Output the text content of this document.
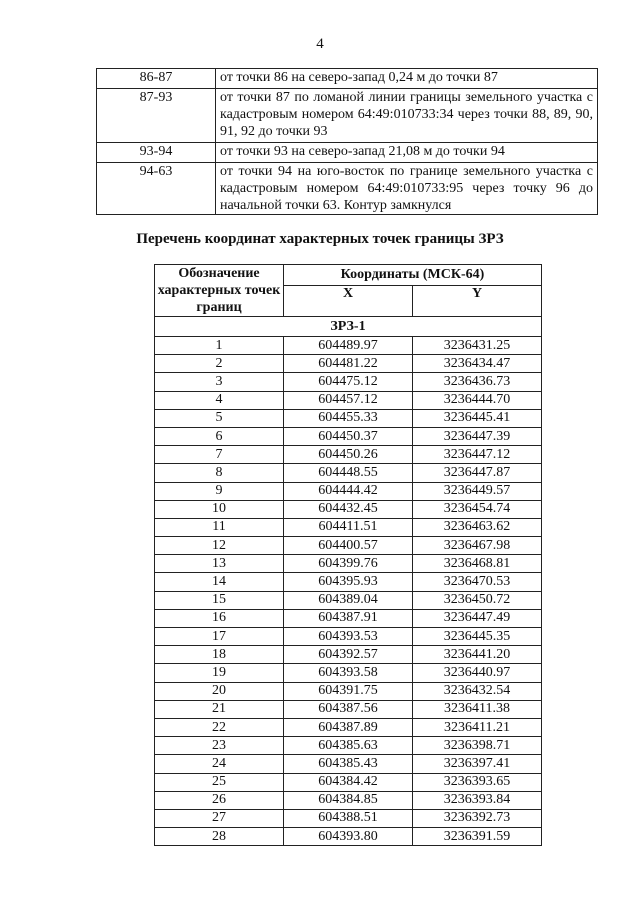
4
86-87	от точки 86 на северо-запад 0,24 м до точки 87
87-93	от точки 87 по ломаной линии границы земельного участка с кадастровым номером 64:49:010733:34 через точки 88, 89, 90, 91, 92 до точки 93
93-94	от точки 93 на северо-запад 21,08 м до точки 94
94-63	от точки 94 на юго-восток по границе земельного участка с кадастровым номером 64:49:010733:95 через точку 96 до начальной точки 63. Контур замкнулся
Перечень координат характерных точек границы ЗРЗ
Обозначение характерных точек границ	Координаты (МСК-64)	
	X	Y
ЗРЗ-1		
1	604489.97	3236431.25
2	604481.22	3236434.47
3	604475.12	3236436.73
4	604457.12	3236444.70
5	604455.33	3236445.41
6	604450.37	3236447.39
7	604450.26	3236447.12
8	604448.55	3236447.87
9	604444.42	3236449.57
10	604432.45	3236454.74
11	604411.51	3236463.62
12	604400.57	3236467.98
13	604399.76	3236468.81
14	604395.93	3236470.53
15	604389.04	3236450.72
16	604387.91	3236447.49
17	604393.53	3236445.35
18	604392.57	3236441.20
19	604393.58	3236440.97
20	604391.75	3236432.54
21	604387.56	3236411.38
22	604387.89	3236411.21
23	604385.63	3236398.71
24	604385.43	3236397.41
25	604384.42	3236393.65
26	604384.85	3236393.84
27	604388.51	3236392.73
28	604393.80	3236391.59
